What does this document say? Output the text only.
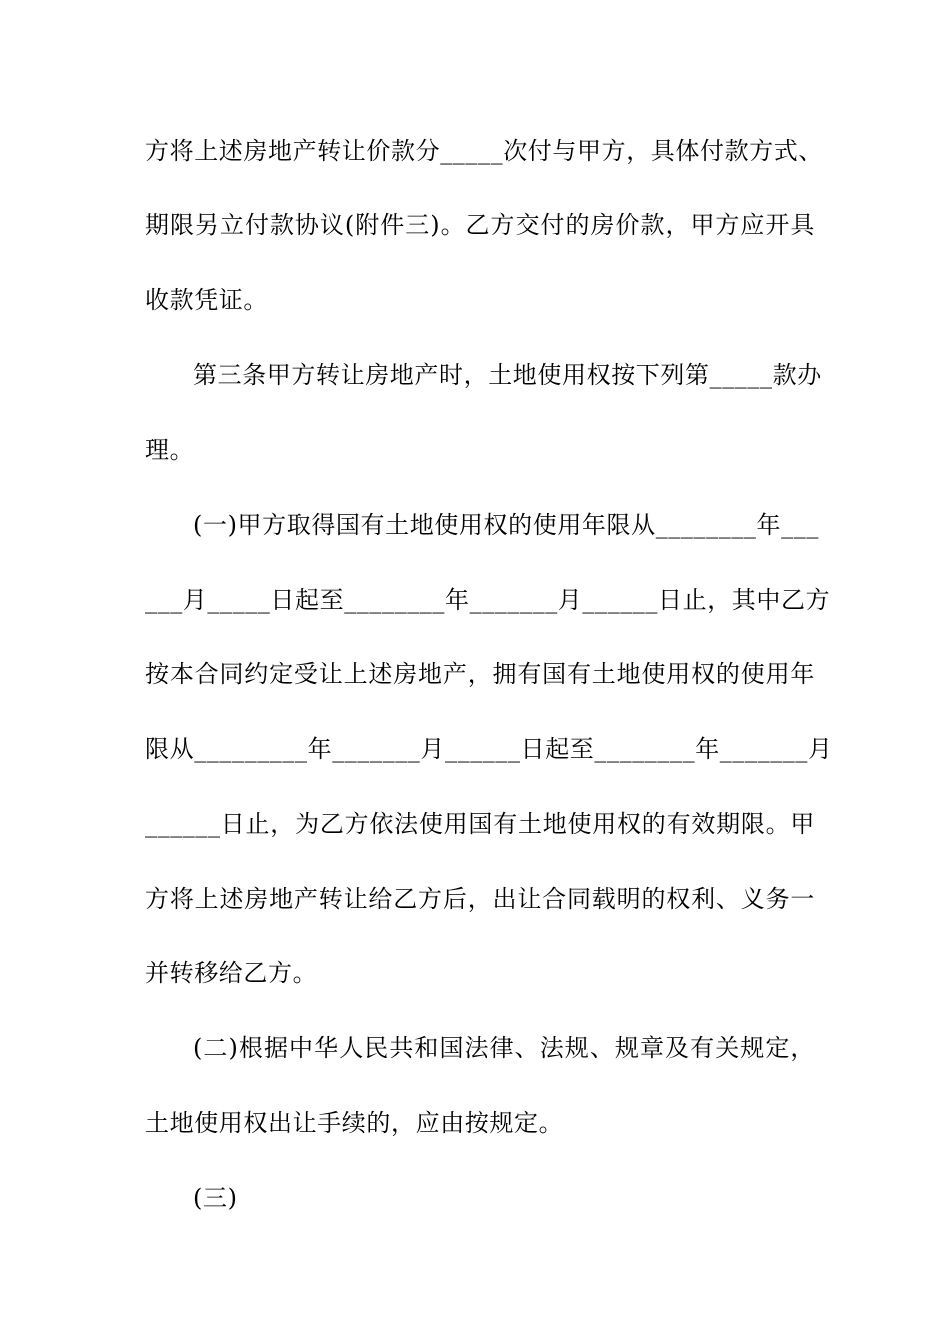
方将上述房地产转让价款分_____次付与甲方，具体付款方式、
期限另立付款协议(附件三)。乙方交付的房价款，甲方应开具
收款凭证。
第三条甲方转让房地产时，土地使用权按下列第_____款办
理。
(一)甲方取得国有土地使用权的使用年限从________年___
___月_____日起至________年_______月______日止，其中乙方
按本合同约定受让上述房地产，拥有国有土地使用权的使用年
限从_________年_______月______日起至________年_______月
______日止，为乙方依法使用国有土地使用权的有效期限。甲
方将上述房地产转让给乙方后，出让合同载明的权利、义务一
并转移给乙方。
(二)根据中华人民共和国法律、法规、规章及有关规定，
土地使用权出让手续的，应由按规定。
(三)
